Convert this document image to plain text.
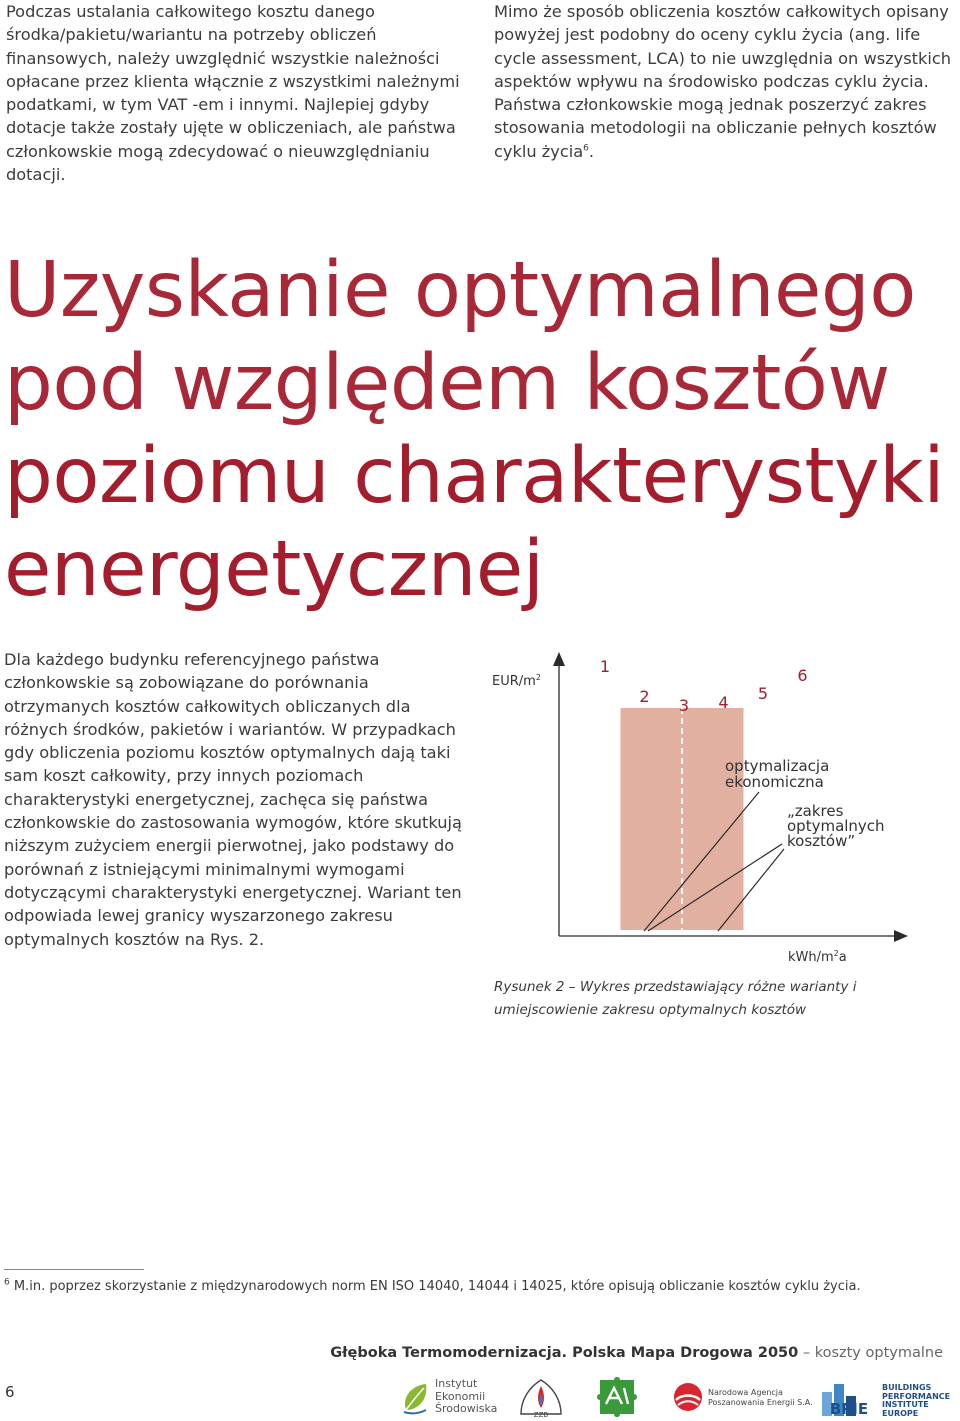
Podczas ustalania całkowitego kosztu danego środka/pakietu/wariantu na potrzeby obliczeń finansowych, należy uwzględnić wszystkie należności opłacane przez klienta włącznie z wszystkimi należnymi podatkami, w tym VAT -em i innymi. Najlepiej gdyby dotacje także zostały ujęte w obliczeniach, ale państwa członkowskie mogą zdecydować o nieuwzględnianiu dotacji.

Mimo że sposób obliczenia kosztów całkowitych opisany powyżej jest podobny do oceny cyklu życia (ang. life cycle assessment, LCA) to nie uwzględnia on wszystkich aspektów wpływu na środowisko podczas cyklu życia. Państwa członkowskie mogą jednak poszerzyć zakres stosowania metodologii na obliczanie pełnych kosztów cyklu życia$^6$.

Uzyskanie optymalnego
pod względem kosztów
poziomu charakterystyki
energetycznej

Dla każdego budynku referencyjnego państwa członkowskie są zobowiązane do porównania otrzymanych kosztów całkowitych obliczanych dla różnych środków, pakietów i wariantów. W przypadkach gdy obliczenia poziomu kosztów optymalnych dają taki sam koszt całkowity, przy innych poziomach charakterystyki energetycznej, zachęca się państwa członkowskie do zastosowania wymogów, które skutkują niższym zużyciem energii pierwotnej, jako podstawy do porównań z istniejącymi minimalnymi wymogami dotyczącymi charakterystyki energetycznej. Wariant ten odpowiada lewej granicy wyszarzonego zakresu optymalnych kosztów na Rys. 2.

EUR/$m^2$
kWh/$m^2a$
1
2 3 4 5
6
optymalizacja
ekonomiczna
„zakres
optymalnych
kosztów”

Rysunek 2 – Wykres przedstawiający różne warianty i umiejscowienie zakresu optymalnych kosztów

$^6$ M.in. poprzez skorzystanie z międzynarodowych norm EN ISO 14040, 14044 i 14025, które opisują obliczanie kosztów cyklu życia.
Głęboka Termomodernizacja. Polska Mapa Drogowa 2050 – koszty optymalne
6	Instytut
Ekonomii
Środowiska	ZZB
Narodowa Agencja
Poszanowania Energii S.A. BPIE
BUILDINGS
PERFORMANCE
INSTITUTE
EUROPE
